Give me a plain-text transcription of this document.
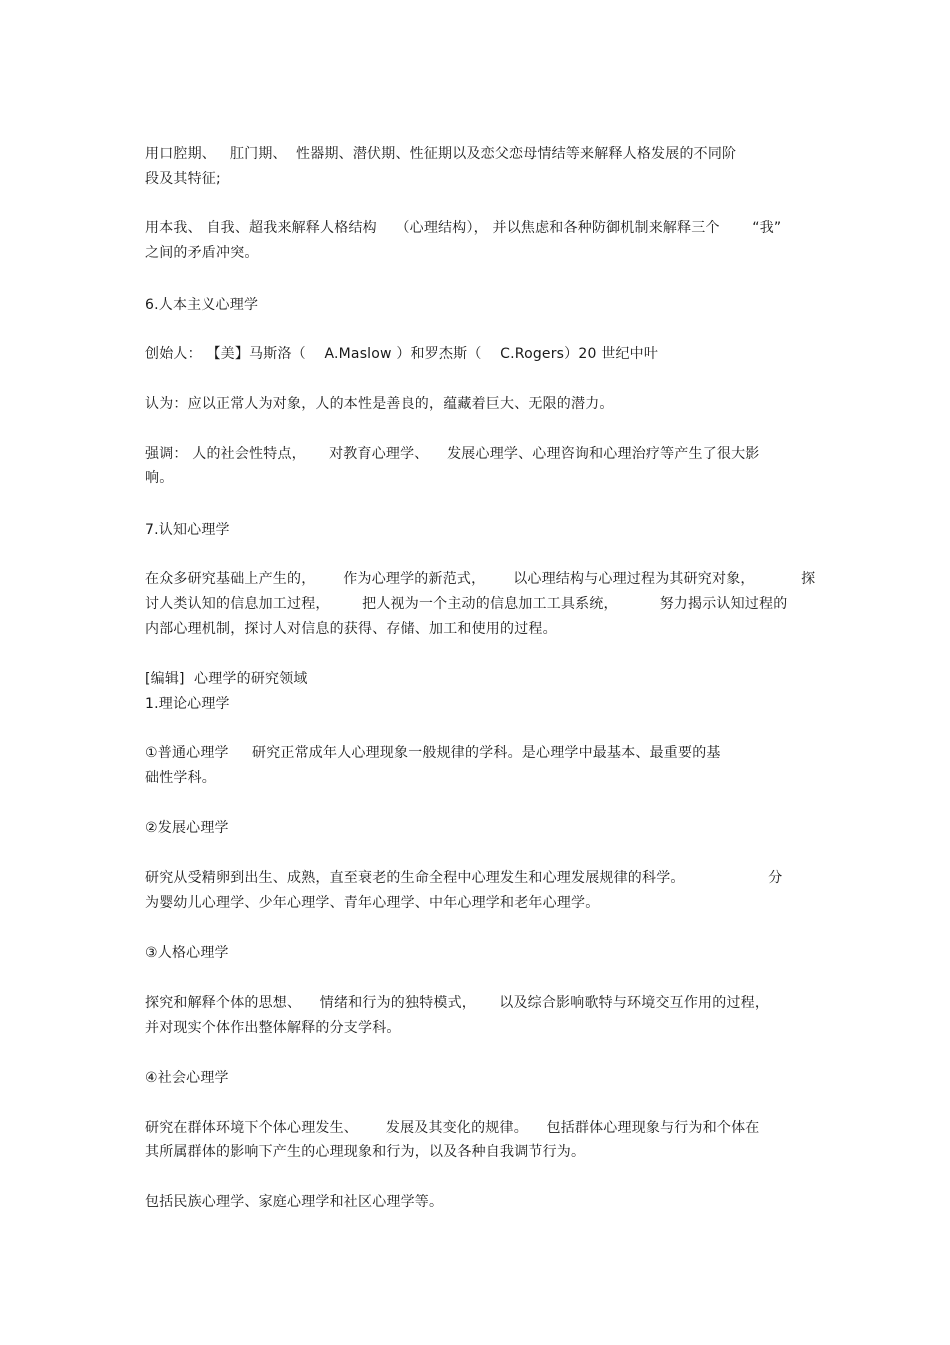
用口腔期、   肛门期、  性器期、潜伏期、性征期以及恋父恋母情结等来解释人格发展的不同阶
段及其特征;
用本我、 自我、超我来解释人格结构    （心理结构）， 并以焦虑和各种防御机制来解释三个       “我”
之间的矛盾冲突。
6.人本主义心理学
创始人： 【美】马斯洛（    A.Maslow ）和罗杰斯（    C.Rogers）20 世纪中叶
认为：应以正常人为对象，人的本性是善良的，蕴藏着巨大、无限的潜力。
强调： 人的社会性特点，     对教育心理学、    发展心理学、心理咨询和心理治疗等产生了很大影
响。
7.认知心理学
在众多研究基础上产生的，      作为心理学的新范式，      以心理结构与心理过程为其研究对象，          探
讨人类认知的信息加工过程，       把人视为一个主动的信息加工工具系统，         努力揭示认知过程的
内部心理机制，探讨人对信息的获得、存储、加工和使用的过程。
[编辑]  心理学的研究领域
1.理论心理学
①普通心理学     研究正常成年人心理现象一般规律的学科。是心理学中最基本、最重要的基
础性学科。
②发展心理学
研究从受精卵到出生、成熟，直至衰老的生命全程中心理发生和心理发展规律的科学。                  分
为婴幼儿心理学、少年心理学、青年心理学、中年心理学和老年心理学。
③人格心理学
探究和解释个体的思想、    情绪和行为的独特模式，     以及综合影响歌特与环境交互作用的过程，
并对现实个体作出整体解释的分支学科。
④社会心理学
研究在群体环境下个体心理发生、      发展及其变化的规律。    包括群体心理现象与行为和个体在
其所属群体的影响下产生的心理现象和行为，以及各种自我调节行为。
包括民族心理学、家庭心理学和社区心理学等。
